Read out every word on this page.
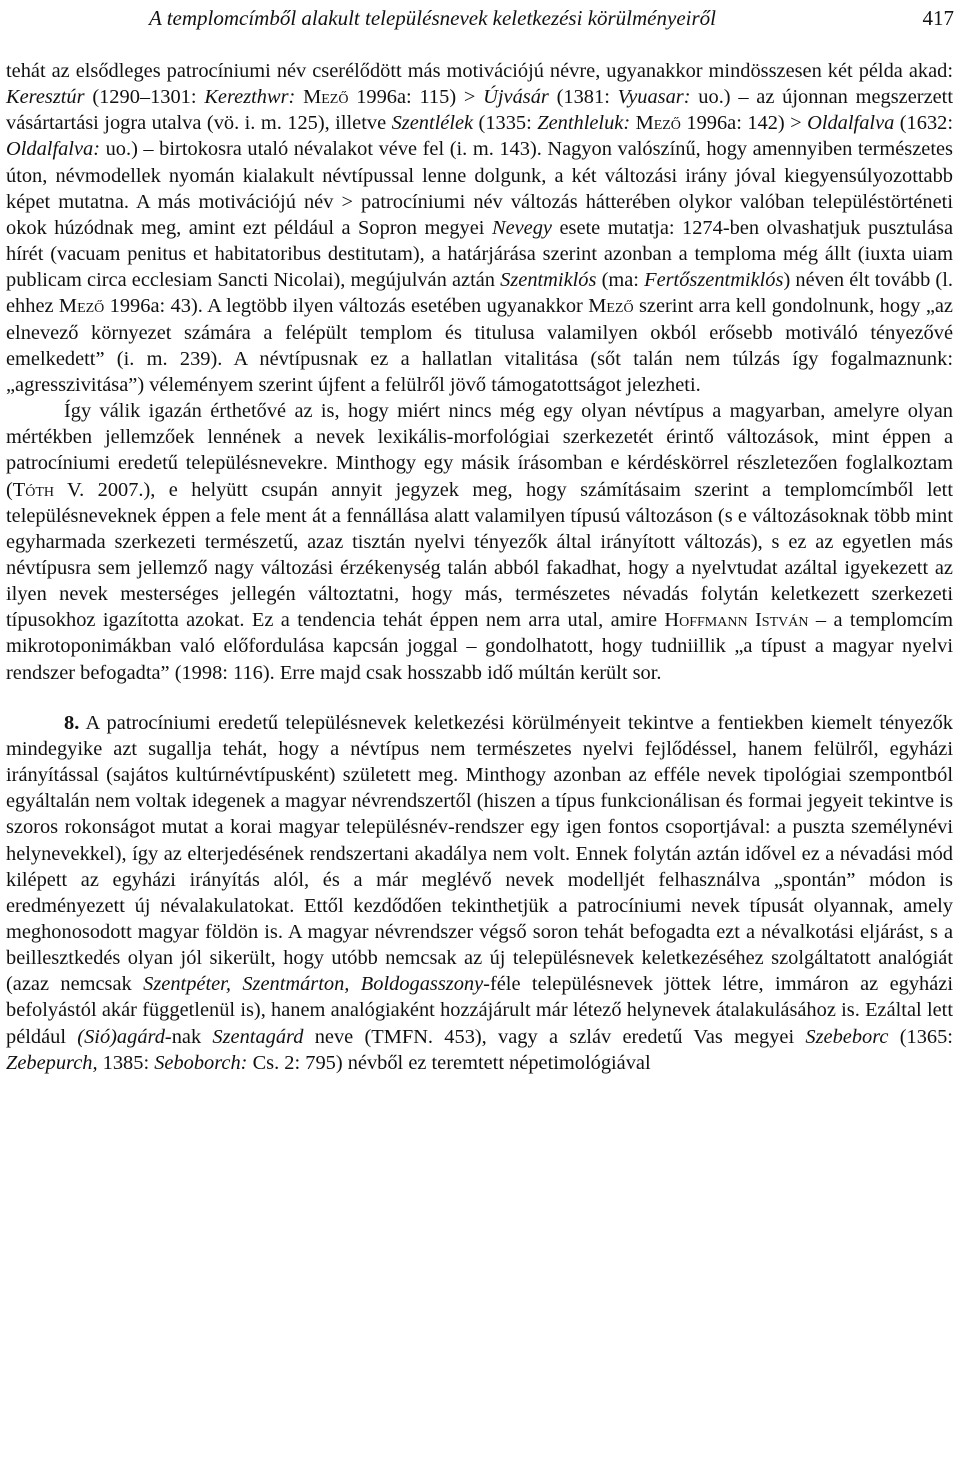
A templomcímből alakult településnevek keletkezési körülményeiről	417

tehát az elsődleges patrocíniumi név cserélődött más motivációjú névre, ugyanakkor mindösszesen két példa akad: Keresztúr (1290–1301: Kerezthwr: Mező 1996a: 115) > Újvásár (1381: Vyuasar: uo.) – az újonnan megszerzett vásártartási jogra utalva (vö. i. m. 125), illetve Szentlélek (1335: Zenthleluk: Mező 1996a: 142) > Oldalfalva (1632: Oldalfalva: uo.) – birtokosra utaló névalakot véve fel (i. m. 143). Nagyon valószínű, hogy amennyiben természetes úton, névmodellek nyomán kialakult névtípussal lenne dolgunk, a két változási irány jóval kiegyensúlyozottabb képet mutatna. A más motivációjú név > patrocíniumi név változás hátterében olykor valóban településtörténeti okok húzódnak meg, amint ezt például a Sopron megyei Nevegy esete mutatja: 1274-ben olvashatjuk pusztulása hírét (vacuam penitus et habitatoribus destitutam), a határjárása szerint azonban a temploma még állt (iuxta uiam publicam circa ecclesiam Sancti Nicolai), megújulván aztán Szentmiklós (ma: Fertőszentmiklós) néven élt tovább (l. ehhez Mező 1996a: 43). A legtöbb ilyen változás esetében ugyanakkor Mező szerint arra kell gondolnunk, hogy „az elnevező környezet számára a felépült templom és titulusa valamilyen okból erősebb motiváló tényezővé emelkedett” (i. m. 239). A névtípusnak ez a hallatlan vitalitása (sőt talán nem túlzás így fogalmaznunk: „agresszivitása”) véleményem szerint újfent a felülről jövő támogatottságot jelezheti.

Így válik igazán érthetővé az is, hogy miért nincs még egy olyan névtípus a magyarban, amelyre olyan mértékben jellemzőek lennének a nevek lexikális-morfológiai szerkezetét érintő változások, mint éppen a patrocíniumi eredetű településnevekre. Minthogy egy másik írásomban e kérdéskörrel részletezően foglalkoztam (Tóth V. 2007.), e helyütt csupán annyit jegyzek meg, hogy számításaim szerint a templomcímből lett településneveknek éppen a fele ment át a fennállása alatt valamilyen típusú változáson (s e változásoknak több mint egyharmada szerkezeti természetű, azaz tisztán nyelvi tényezők által irányított változás), s ez az egyetlen más névtípusra sem jellemző nagy változási érzékenység talán abból fakadhat, hogy a nyelvtudat azáltal igyekezett az ilyen nevek mesterséges jellegén változtatni, hogy más, természetes névadás folytán keletkezett szerkezeti típusokhoz igazította azokat. Ez a tendencia tehát éppen nem arra utal, amire Hoffmann István – a templomcím mikrotoponimákban való előfordulása kapcsán joggal – gondolhatott, hogy tudniillik „a típust a magyar nyelvi rendszer befogadta” (1998: 116). Erre majd csak hosszabb idő múltán került sor.

8. A patrocíniumi eredetű településnevek keletkezési körülményeit tekintve a fentiekben kiemelt tényezők mindegyike azt sugallja tehát, hogy a névtípus nem természetes nyelvi fejlődéssel, hanem felülről, egyházi irányítással (sajátos kultúrnévtípusként) született meg. Minthogy azonban az efféle nevek tipológiai szempontból egyáltalán nem voltak idegenek a magyar névrendszertől (hiszen a típus funkcionálisan és formai jegyeit tekintve is szoros rokonságot mutat a korai magyar településnév-rendszer egy igen fontos csoportjával: a puszta személynévi helynevekkel), így az elterjedésének rendszertani akadálya nem volt. Ennek folytán aztán idővel ez a névadási mód kilépett az egyházi irányítás alól, és a már meglévő nevek modelljét felhasználva „spontán” módon is eredményezett új névalakulatokat. Ettől kezdődően tekinthetjük a patrocíniumi nevek típusát olyannak, amely meghonosodott magyar földön is. A magyar névrendszer végső soron tehát befogadta ezt a névalkotási eljárást, s a beillesztkedés olyan jól sikerült, hogy utóbb nemcsak az új településnevek keletkezéséhez szolgáltatott analógiát (azaz nemcsak Szentpéter, Szentmárton, Boldogasszony-féle településnevek jöttek létre, immáron az egyházi befolyástól akár függetlenül is), hanem analógiaként hozzájárult már létező helynevek átalakulásához is. Ezáltal lett például (Sió)agárd-nak Szentagárd neve (TMFN. 453), vagy a szláv eredetű Vas megyei Szebeborc (1365: Zebepurch, 1385: Seboborch: Cs. 2: 795) névből ez teremtett népetimológiával
